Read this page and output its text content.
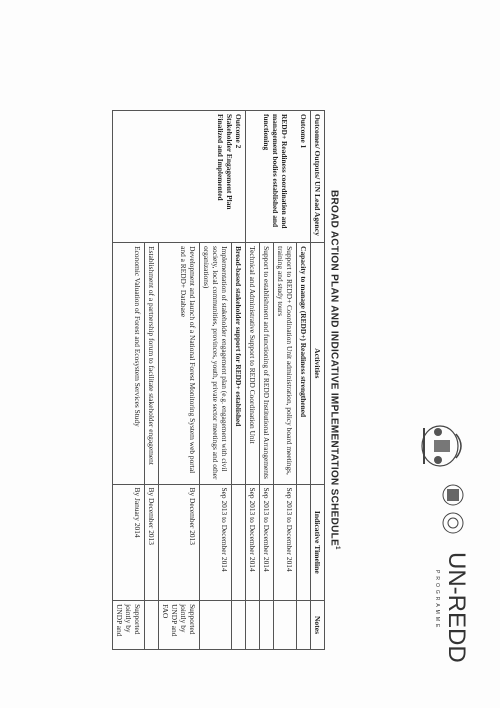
UN-REDD
PROGRAMME
BROAD ACTION PLAN AND INDICATIVE IMPLEMENTATION SCHEDULE$^1$
Outcomes/ Outputs/ UN Lead Agency	Activities	Indicative Timeline	Notes

Outcome 1
REDD+ Readiness coordination and management bodies established and functioning	Capacity to manage (REDD+) Readiness strengthened		
	Support to REDD+ Coordination Unit administration, policy board meetings, training and study tours	Sep 2013 to December 2014	
	Support to establishment and functioning of REDD Institutional Arrangements	Sep 2013 to December 2014	
	Technical and Administrative Support to REDD Coordination Unit	Sep 2013 to December 2014	

Outcome 2
Stakeholder Engagement Plan Finalized and Implemented	Broad-based stakeholder support for REDD+ established		
	Implementation of stakeholder engagement plan (e.g. engagement with civil society, local communities, provinces, youth, private sector meetings and other organizations)	Sep 2013 to December 2014	
	Development and launch of a National Forest Monitoring System web portal and a REDD+ Database	By December 2013	Supported jointly by UNDP and FAO
	Establishment of a partnership forum to facilitate stakeholder engagement	By December 2013	
	Economic Valuation of Forest and Ecosystem Services Study	By January 2014	Supported jointly by UNDP and
